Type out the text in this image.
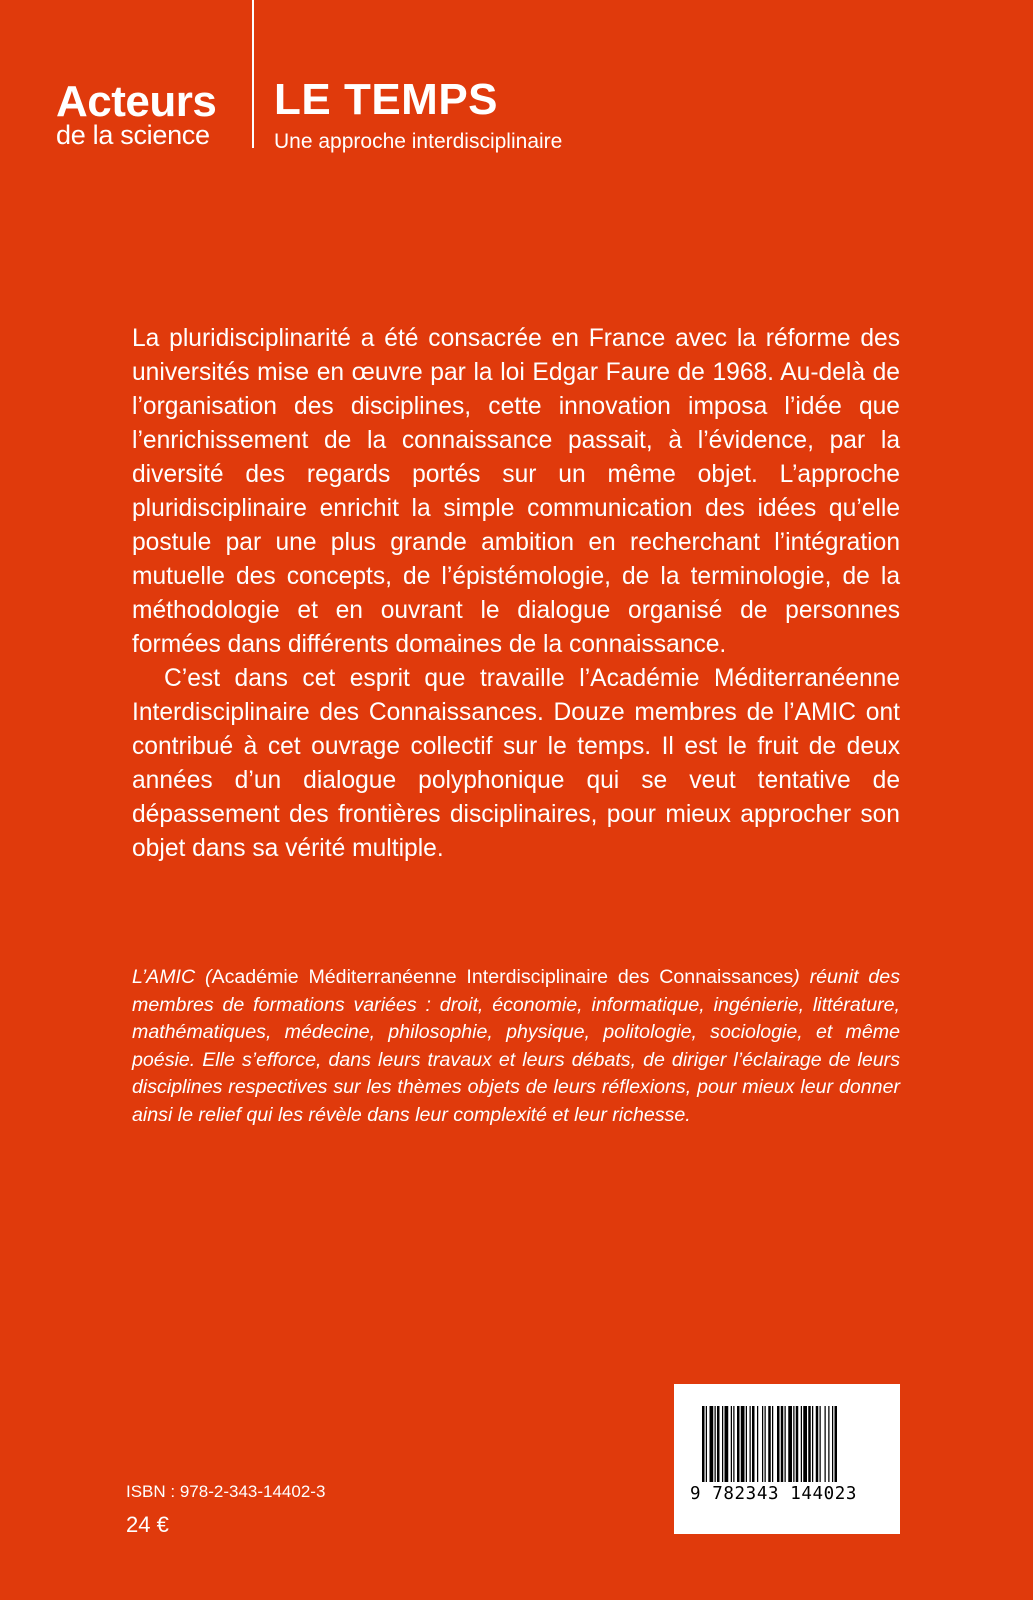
Acteurs
de la science
LE TEMPS
Une approche interdisciplinaire

La pluridisciplinarité a été consacrée en France avec la réforme des universités mise en œuvre par la loi Edgar Faure de 1968. Au-delà de l’organisation des disciplines, cette innovation imposa l’idée que l’enrichissement de la connaissance passait, à l’évidence, par la diversité des regards portés sur un même objet. L’approche pluridisciplinaire enrichit la simple communication des idées qu’elle postule par une plus grande ambition en recherchant l’intégration mutuelle des concepts, de l’épistémologie, de la terminologie, de la méthodologie et en ouvrant le dialogue organisé de personnes formées dans différents domaines de la connaissance.

C’est dans cet esprit que travaille l’Académie Méditerranéenne Interdisciplinaire des Connaissances. Douze membres de l’AMIC ont contribué à cet ouvrage collectif sur le temps. Il est le fruit de deux années d’un dialogue polyphonique qui se veut tentative de dépassement des frontières disciplinaires, pour mieux approcher son objet dans sa vérité multiple.

L’AMIC (Académie Méditerranéenne Interdisciplinaire des Connaissances) réunit des membres de formations variées : droit, économie, informatique, ingénierie, littérature, mathématiques, médecine, philosophie, physique, politologie, sociologie, et même poésie. Elle s’efforce, dans leurs travaux et leurs débats, de diriger l’éclairage de leurs disciplines respectives sur les thèmes objets de leurs réflexions, pour mieux leur donner ainsi le relief qui les révèle dans leur complexité et leur richesse.

ISBN : 978-2-343-14402-3
24 €
9 782343 144023
